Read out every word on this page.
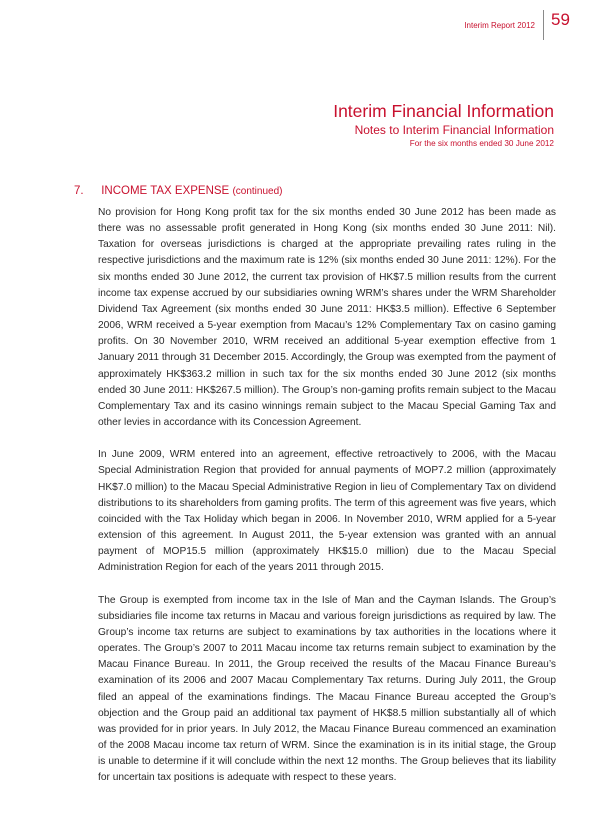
Interim Report 2012 59
Interim Financial Information
Notes to Interim Financial Information
For the six months ended 30 June 2012
7. INCOME TAX EXPENSE (continued)

No provision for Hong Kong profit tax for the six months ended 30 June 2012 has been made as there was no assessable profit generated in Hong Kong (six months ended 30 June 2011: Nil). Taxation for overseas jurisdictions is charged at the appropriate prevailing rates ruling in the respective jurisdictions and the maximum rate is 12% (six months ended 30 June 2011: 12%). For the six months ended 30 June 2012, the current tax provision of HK$7.5 million results from the current income tax expense accrued by our subsidiaries owning WRM’s shares under the WRM Shareholder Dividend Tax Agreement (six months ended 30 June 2011: HK$3.5 million). Effective 6 September 2006, WRM received a 5-year exemption from Macau’s 12% Complementary Tax on casino gaming profits. On 30 November 2010, WRM received an additional 5-year exemption effective from 1 January 2011 through 31 December 2015. Accordingly, the Group was exempted from the payment of approximately HK$363.2 million in such tax for the six months ended 30 June 2012 (six months ended 30 June 2011: HK$267.5 million). The Group’s non-gaming profits remain subject to the Macau Complementary Tax and its casino winnings remain subject to the Macau Special Gaming Tax and other levies in accordance with its Concession Agreement.

In June 2009, WRM entered into an agreement, effective retroactively to 2006, with the Macau Special Administration Region that provided for annual payments of MOP7.2 million (approximately HK$7.0 million) to the Macau Special Administrative Region in lieu of Complementary Tax on dividend distributions to its shareholders from gaming profits. The term of this agreement was five years, which coincided with the Tax Holiday which began in 2006. In November 2010, WRM applied for a 5-year extension of this agreement. In August 2011, the 5-year extension was granted with an annual payment of MOP15.5 million (approximately HK$15.0 million) due to the Macau Special Administration Region for each of the years 2011 through 2015.

The Group is exempted from income tax in the Isle of Man and the Cayman Islands. The Group’s subsidiaries file income tax returns in Macau and various foreign jurisdictions as required by law. The Group’s income tax returns are subject to examinations by tax authorities in the locations where it operates. The Group’s 2007 to 2011 Macau income tax returns remain subject to examination by the Macau Finance Bureau. In 2011, the Group received the results of the Macau Finance Bureau’s examination of its 2006 and 2007 Macau Complementary Tax returns. During July 2011, the Group filed an appeal of the examinations findings. The Macau Finance Bureau accepted the Group’s objection and the Group paid an additional tax payment of HK$8.5 million substantially all of which was provided for in prior years. In July 2012, the Macau Finance Bureau commenced an examination of the 2008 Macau income tax return of WRM. Since the examination is in its initial stage, the Group is unable to determine if it will conclude within the next 12 months. The Group believes that its liability for uncertain tax positions is adequate with respect to these years.
